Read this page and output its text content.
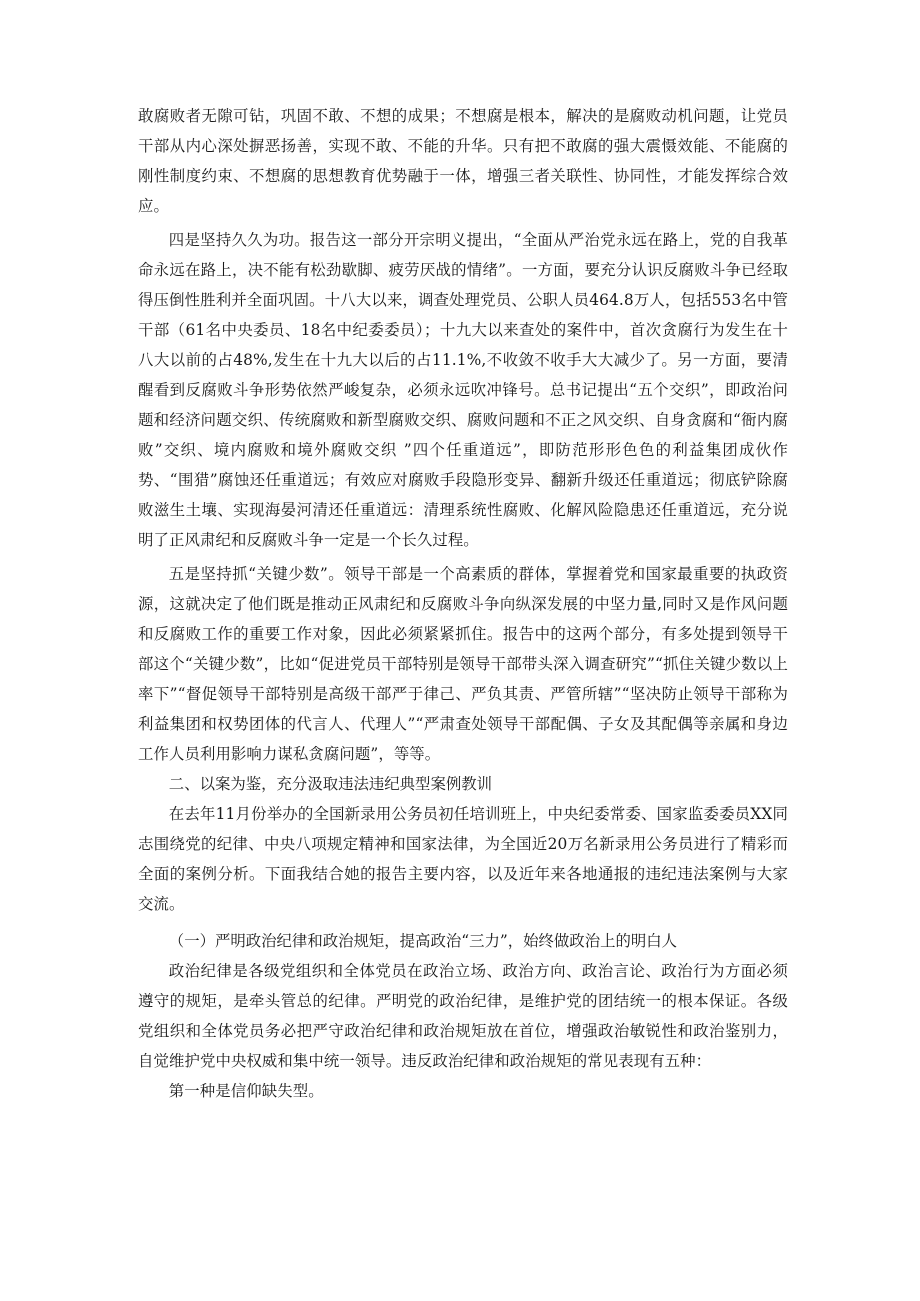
敢腐败者无隙可钻，巩固不敢、不想的成果；不想腐是根本，解决的是腐败动机问题，让党员干部从内心深处摒恶扬善，实现不敢、不能的升华。只有把不敢腐的强大震慑效能、不能腐的刚性制度约束、不想腐的思想教育优势融于一体，增强三者关联性、协同性，才能发挥综合效应。

四是坚持久久为功。报告这一部分开宗明义提出，“全面从严治党永远在路上，党的自我革命永远在路上，决不能有松劲歇脚、疲劳厌战的情绪”。一方面，要充分认识反腐败斗争已经取得压倒性胜利并全面巩固。十八大以来，调查处理党员、公职人员464.8万人，包括553名中管干部（61名中央委员、18名中纪委委员）；十九大以来查处的案件中，首次贪腐行为发生在十八大以前的占48%,发生在十九大以后的占11.1%,不收敛不收手大大减少了。另一方面，要清醒看到反腐败斗争形势依然严峻复杂，必须永远吹冲锋号。总书记提出“五个交织”，即政治问题和经济问题交织、传统腐败和新型腐败交织、腐败问题和不正之风交织、自身贪腐和“衙内腐败”交织、境内腐败和境外腐败交织 ”四个任重道远”，即防范形形色色的利益集团成伙作势、“围猎”腐蚀还任重道远；有效应对腐败手段隐形变异、翻新升级还任重道远；彻底铲除腐败滋生土壤、实现海晏河清还任重道远：清理系统性腐败、化解风险隐患还任重道远，充分说明了正风肃纪和反腐败斗争一定是一个长久过程。

五是坚持抓“关键少数”。领导干部是一个高素质的群体，掌握着党和国家最重要的执政资源，这就决定了他们既是推动正风肃纪和反腐败斗争向纵深发展的中坚力量,同时又是作风问题和反腐败工作的重要工作对象，因此必须紧紧抓住。报告中的这两个部分，有多处提到领导干部这个“关键少数”，比如“促进党员干部特别是领导干部带头深入调查研究”“抓住关键少数以上率下”“督促领导干部特别是高级干部严于律己、严负其责、严管所辖”“坚决防止领导干部称为利益集团和权势团体的代言人、代理人”“严肃查处领导干部配偶、子女及其配偶等亲属和身边工作人员利用影响力谋私贪腐问题”，等等。

二、以案为鉴，充分汲取违法违纪典型案例教训

在去年11月份举办的全国新录用公务员初任培训班上，中央纪委常委、国家监委委员XX同志围绕党的纪律、中央八项规定精神和国家法律，为全国近20万名新录用公务员进行了精彩而全面的案例分析。下面我结合她的报告主要内容，以及近年来各地通报的违纪违法案例与大家交流。

（一）严明政治纪律和政治规矩，提高政治“三力”，始终做政治上的明白人

政治纪律是各级党组织和全体党员在政治立场、政治方向、政治言论、政治行为方面必须遵守的规矩，是牵头管总的纪律。严明党的政治纪律，是维护党的团结统一的根本保证。各级党组织和全体党员务必把严守政治纪律和政治规矩放在首位，增强政治敏锐性和政治鉴别力，自觉维护党中央权威和集中统一领导。违反政治纪律和政治规矩的常见表现有五种：

第一种是信仰缺失型。
